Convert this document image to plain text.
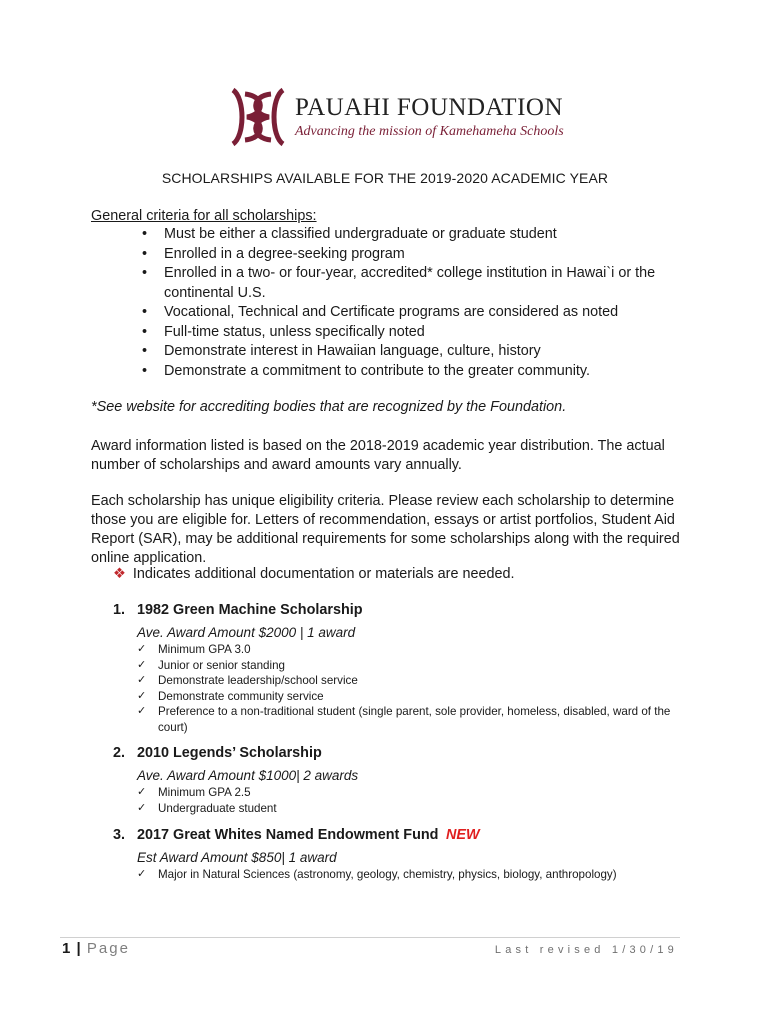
PAUAHI FOUNDATION
Advancing the mission of Kamehameha Schools
SCHOLARSHIPS AVAILABLE FOR THE 2019-2020 ACADEMIC YEAR
General criteria for all scholarships:
• Must be either a classified undergraduate or graduate student
• Enrolled in a degree-seeking program
• Enrolled in a two- or four-year, accredited* college institution in Hawai`i or the continental U.S.
• Vocational, Technical and Certificate programs are considered as noted
• Full-time status, unless specifically noted
• Demonstrate interest in Hawaiian language, culture, history
• Demonstrate a commitment to contribute to the greater community.
*See website for accrediting bodies that are recognized by the Foundation.

Award information listed is based on the 2018-2019 academic year distribution. The actual number of scholarships and award amounts vary annually.

Each scholarship has unique eligibility criteria. Please review each scholarship to determine those you are eligible for. Letters of recommendation, essays or artist portfolios, Student Aid Report (SAR), may be additional requirements for some scholarships along with the required online application.

❖ Indicates additional documentation or materials are needed.
1. 1982 Green Machine Scholarship
Ave. Award Amount $2000 | 1 award
✓ Minimum GPA 3.0
✓ Junior or senior standing
✓ Demonstrate leadership/school service
✓ Demonstrate community service
✓ Preference to a non-traditional student (single parent, sole provider, homeless, disabled, ward of the court)
2. 2010 Legends’ Scholarship
Ave. Award Amount $1000| 2 awards
✓ Minimum GPA 2.5
✓ Undergraduate student
3. 2017 Great Whites Named Endowment Fund NEW
Est Award Amount $850| 1 award
✓ Major in Natural Sciences (astronomy, geology, chemistry, physics, biology, anthropology)
1 | Page	Last revised 1/30/19
